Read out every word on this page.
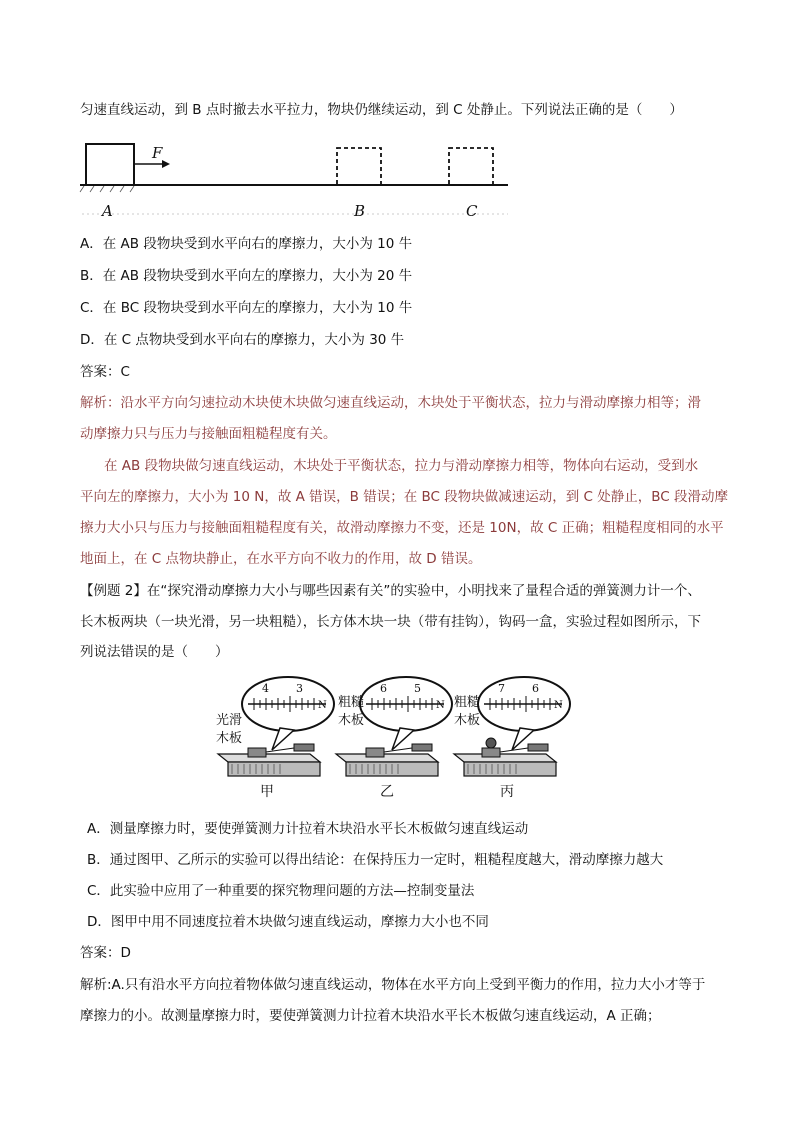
匀速直线运动，到 B 点时撤去水平拉力，物块仍继续运动，到 C 处静止。下列说法正确的是（　　）
F
A	B	C
A．在 AB 段物块受到水平向右的摩擦力，大小为 10 牛
B．在 AB 段物块受到水平向左的摩擦力，大小为 20 牛
C．在 BC 段物块受到水平向左的摩擦力，大小为 10 牛
D．在 C 点物块受到水平向右的摩擦力，大小为 30 牛
答案：C
解析：沿水平方向匀速拉动木块使木块做匀速直线运动，木块处于平衡状态，拉力与滑动摩擦力相等；滑
动摩擦力只与压力与接触面粗糙程度有关。
在 AB 段物块做匀速直线运动，木块处于平衡状态，拉力与滑动摩擦力相等，物体向右运动，受到水
平向左的摩擦力，大小为 10 N，故 A 错误，B 错误；在 BC 段物块做减速运动，到 C 处静止，BC 段滑动摩
擦力大小只与压力与接触面粗糙程度有关，故滑动摩擦力不变，还是 10N，故 C 正确；粗糙程度相同的水平
地面上，在 C 点物块静止，在水平方向不收力的作用，故 D 错误。
【例题 2】在“探究滑动摩擦力大小与哪些因素有关”的实验中，小明找来了量程合适的弹簧测力计一个、
长木板两块（一块光滑，另一块粗糙），长方体木块一块（带有挂钩），钩码一盒，实验过程如图所示，下
列说法错误的是（　　）
4 3
N
光滑
木板
甲
6 5
N
粗糙
木板
乙
7 6
N
粗糙
木板
丙
A．测量摩擦力时，要使弹簧测力计拉着木块沿水平长木板做匀速直线运动
B．通过图甲、乙所示的实验可以得出结论：在保持压力一定时，粗糙程度越大，滑动摩擦力越大
C．此实验中应用了一种重要的探究物理问题的方法—控制变量法
D．图甲中用不同速度拉着木块做匀速直线运动，摩擦力大小也不同
答案：D
解析:A.只有沿水平方向拉着物体做匀速直线运动，物体在水平方向上受到平衡力的作用，拉力大小才等于
摩擦力的小。故测量摩擦力时，要使弹簧测力计拉着木块沿水平长木板做匀速直线运动，A 正确；
